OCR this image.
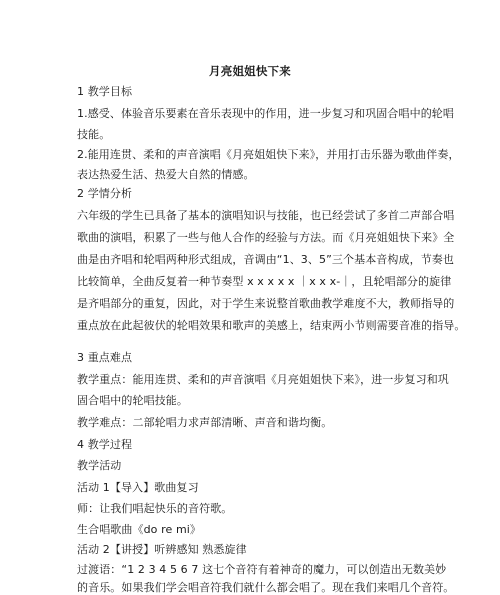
月亮姐姐快下来
1 教学目标
1.感受、体验音乐要素在音乐表现中的作用，进一步复习和巩固合唱中的轮唱
技能。
2.能用连贯、柔和的声音演唱《月亮姐姐快下来》，并用打击乐器为歌曲伴奏，
表达热爱生活、热爱大自然的情感。
2 学情分析
六年级的学生已具备了基本的演唱知识与技能，也已经尝试了多首二声部合唱
歌曲的演唱，积累了一些与他人合作的经验与方法。而《月亮姐姐快下来》全
曲是由齐唱和轮唱两种形式组成，音调由“1、3、5”三个基本音构成，节奏也
比较简单，全曲反复着一种节奏型 x x x x x ｜x x x-｜，且轮唱部分的旋律
是齐唱部分的重复，因此，对于学生来说整首歌曲教学难度不大，教师指导的
重点放在此起彼伏的轮唱效果和歌声的美感上，结束两小节则需要音准的指导。
3 重点难点
教学重点：能用连贯、柔和的声音演唱《月亮姐姐快下来》，进一步复习和巩
固合唱中的轮唱技能。
教学难点：二部轮唱力求声部清晰、声音和谐均衡。
4 教学过程
教学活动
活动 1【导入】歌曲复习
师：让我们唱起快乐的音符歌。
生合唱歌曲《do re mi》
活动 2【讲授】听辨感知 熟悉旋律
过渡语：“1 2 3 4 5 6 7 这七个音符有着神奇的魔力，可以创造出无数美妙
的音乐。如果我们学会唱音符我们就什么都会唱了。现在我们来唱几个音符。
